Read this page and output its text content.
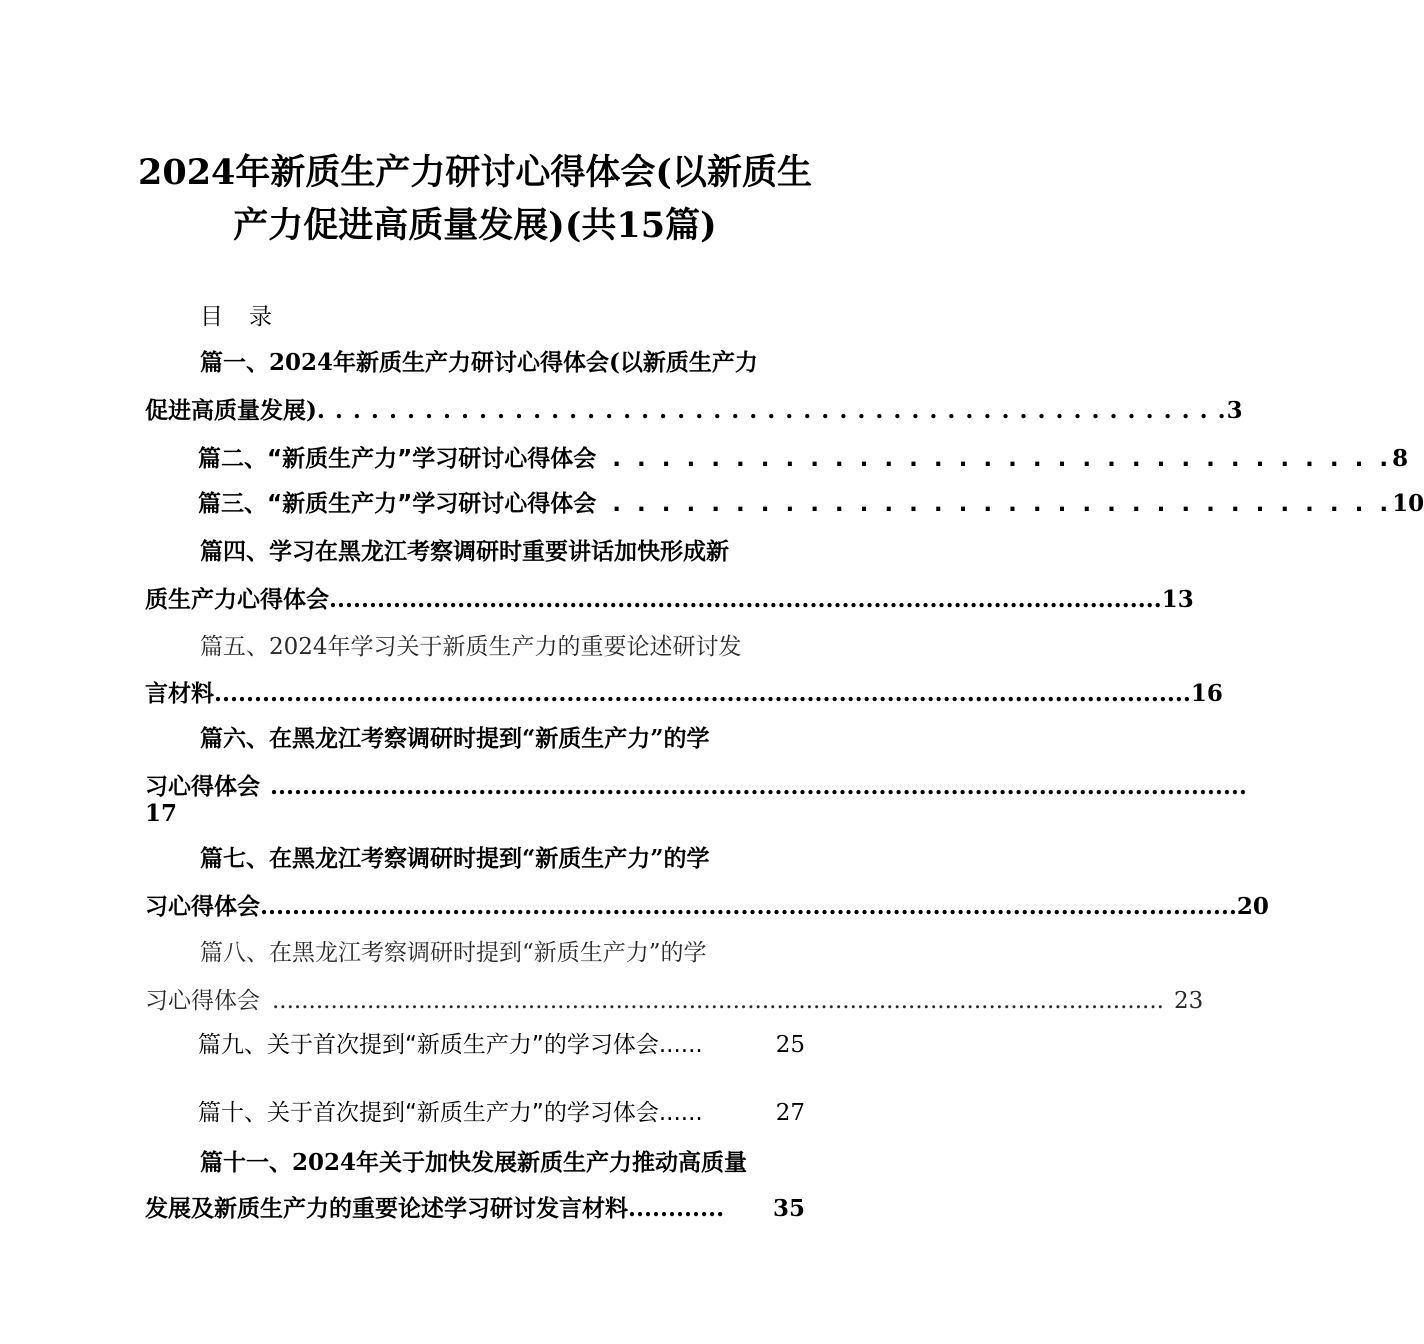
2024年新质生产力研讨心得体会(以新质生
产力促进高质量发展)(共15篇)
目录
篇一、2024年新质生产力研讨心得体会(以新质生产力
促进高质量发展) . . . . . . . . . . . . . . . . . . . . . . . . . . . . . . . . . . . . . . . . . . . . . . . . . . . 3
篇二、“新质生产力”学习研讨心得体会 . . . . . . . . . . . . . . . . . . . . . . . . . . . . . . . . 8
篇三、“新质生产力”学习研讨心得体会 . . . . . . . . . . . . . . . . . . . . . . . . . . . . . . . . 10
篇四、学习在黑龙江考察调研时重要讲话加快形成新
质生产力心得体会 ........................................................................................................ 13
篇五、2024年学习关于新质生产力的重要论述研讨发
言材料 .......................................................................................................................... 16
篇六、在黑龙江考察调研时提到“新质生产力”的学
习心得体会 ..........................................................................................................................
17
篇七、在黑龙江考察调研时提到“新质生产力”的学
习心得体会 .......................................................................................................................... 20
篇八、在黑龙江考察调研时提到“新质生产力”的学
习心得体会 .......................................................................................................................... 23
篇九、关于首次提到“新质生产力”的学习体会 ......	25
篇十、关于首次提到“新质生产力”的学习体会 ......	27
篇十一、2024年关于加快发展新质生产力推动高质量
发展及新质生产力的重要论述学习研讨发言材料 ............	35
